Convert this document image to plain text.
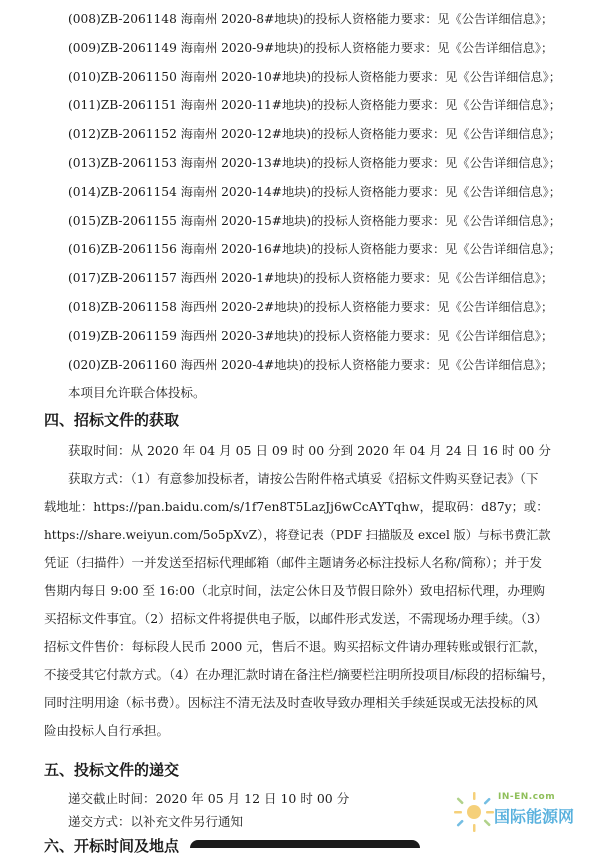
(008)ZB-2061148 海南州 2020-8#地块)的投标人资格能力要求：见《公告详细信息》；
(009)ZB-2061149 海南州 2020-9#地块)的投标人资格能力要求：见《公告详细信息》；
(010)ZB-2061150 海南州 2020-10#地块)的投标人资格能力要求：见《公告详细信息》；
(011)ZB-2061151 海南州 2020-11#地块)的投标人资格能力要求：见《公告详细信息》；
(012)ZB-2061152 海南州 2020-12#地块)的投标人资格能力要求：见《公告详细信息》；
(013)ZB-2061153 海南州 2020-13#地块)的投标人资格能力要求：见《公告详细信息》；
(014)ZB-2061154 海南州 2020-14#地块)的投标人资格能力要求：见《公告详细信息》；
(015)ZB-2061155 海南州 2020-15#地块)的投标人资格能力要求：见《公告详细信息》；
(016)ZB-2061156 海南州 2020-16#地块)的投标人资格能力要求：见《公告详细信息》；
(017)ZB-2061157 海西州 2020-1#地块)的投标人资格能力要求：见《公告详细信息》；
(018)ZB-2061158 海西州 2020-2#地块)的投标人资格能力要求：见《公告详细信息》；
(019)ZB-2061159 海西州 2020-3#地块)的投标人资格能力要求：见《公告详细信息》；
(020)ZB-2061160 海西州 2020-4#地块)的投标人资格能力要求：见《公告详细信息》；
本项目允许联合体投标。
四、招标文件的获取
获取时间：从 2020 年 04 月 05 日 09 时 00 分到 2020 年 04 月 24 日 16 时 00 分
获取方式：（1）有意参加投标者，请按公告附件格式填妥《招标文件购买登记表》（下
载地址：https://pan.baidu.com/s/1f7en8T5LazJj6wCcAYTqhw，提取码：d87y；或：
https://share.weiyun.com/5o5pXvZ），将登记表（PDF 扫描版及 excel 版）与标书费汇款
凭证（扫描件）一并发送至招标代理邮箱（邮件主题请务必标注投标人名称/简称）；并于发
售期内每日 9:00 至 16:00（北京时间，法定公休日及节假日除外）致电招标代理，办理购
买招标文件事宜。（2）招标文件将提供电子版，以邮件形式发送，不需现场办理手续。（3）
招标文件售价：每标段人民币 2000 元，售后不退。购买招标文件请办理转账或银行汇款，
不接受其它付款方式。（4）在办理汇款时请在备注栏/摘要栏注明所投项目/标段的招标编号，
同时注明用途（标书费）。因标注不清无法及时查收导致办理相关手续延误或无法投标的风
险由投标人自行承担。
五、投标文件的递交
递交截止时间：2020 年 05 月 12 日 10 时 00 分
递交方式：以补充文件另行通知
六、开标时间及地点
IN-EN.com
国际能源网
